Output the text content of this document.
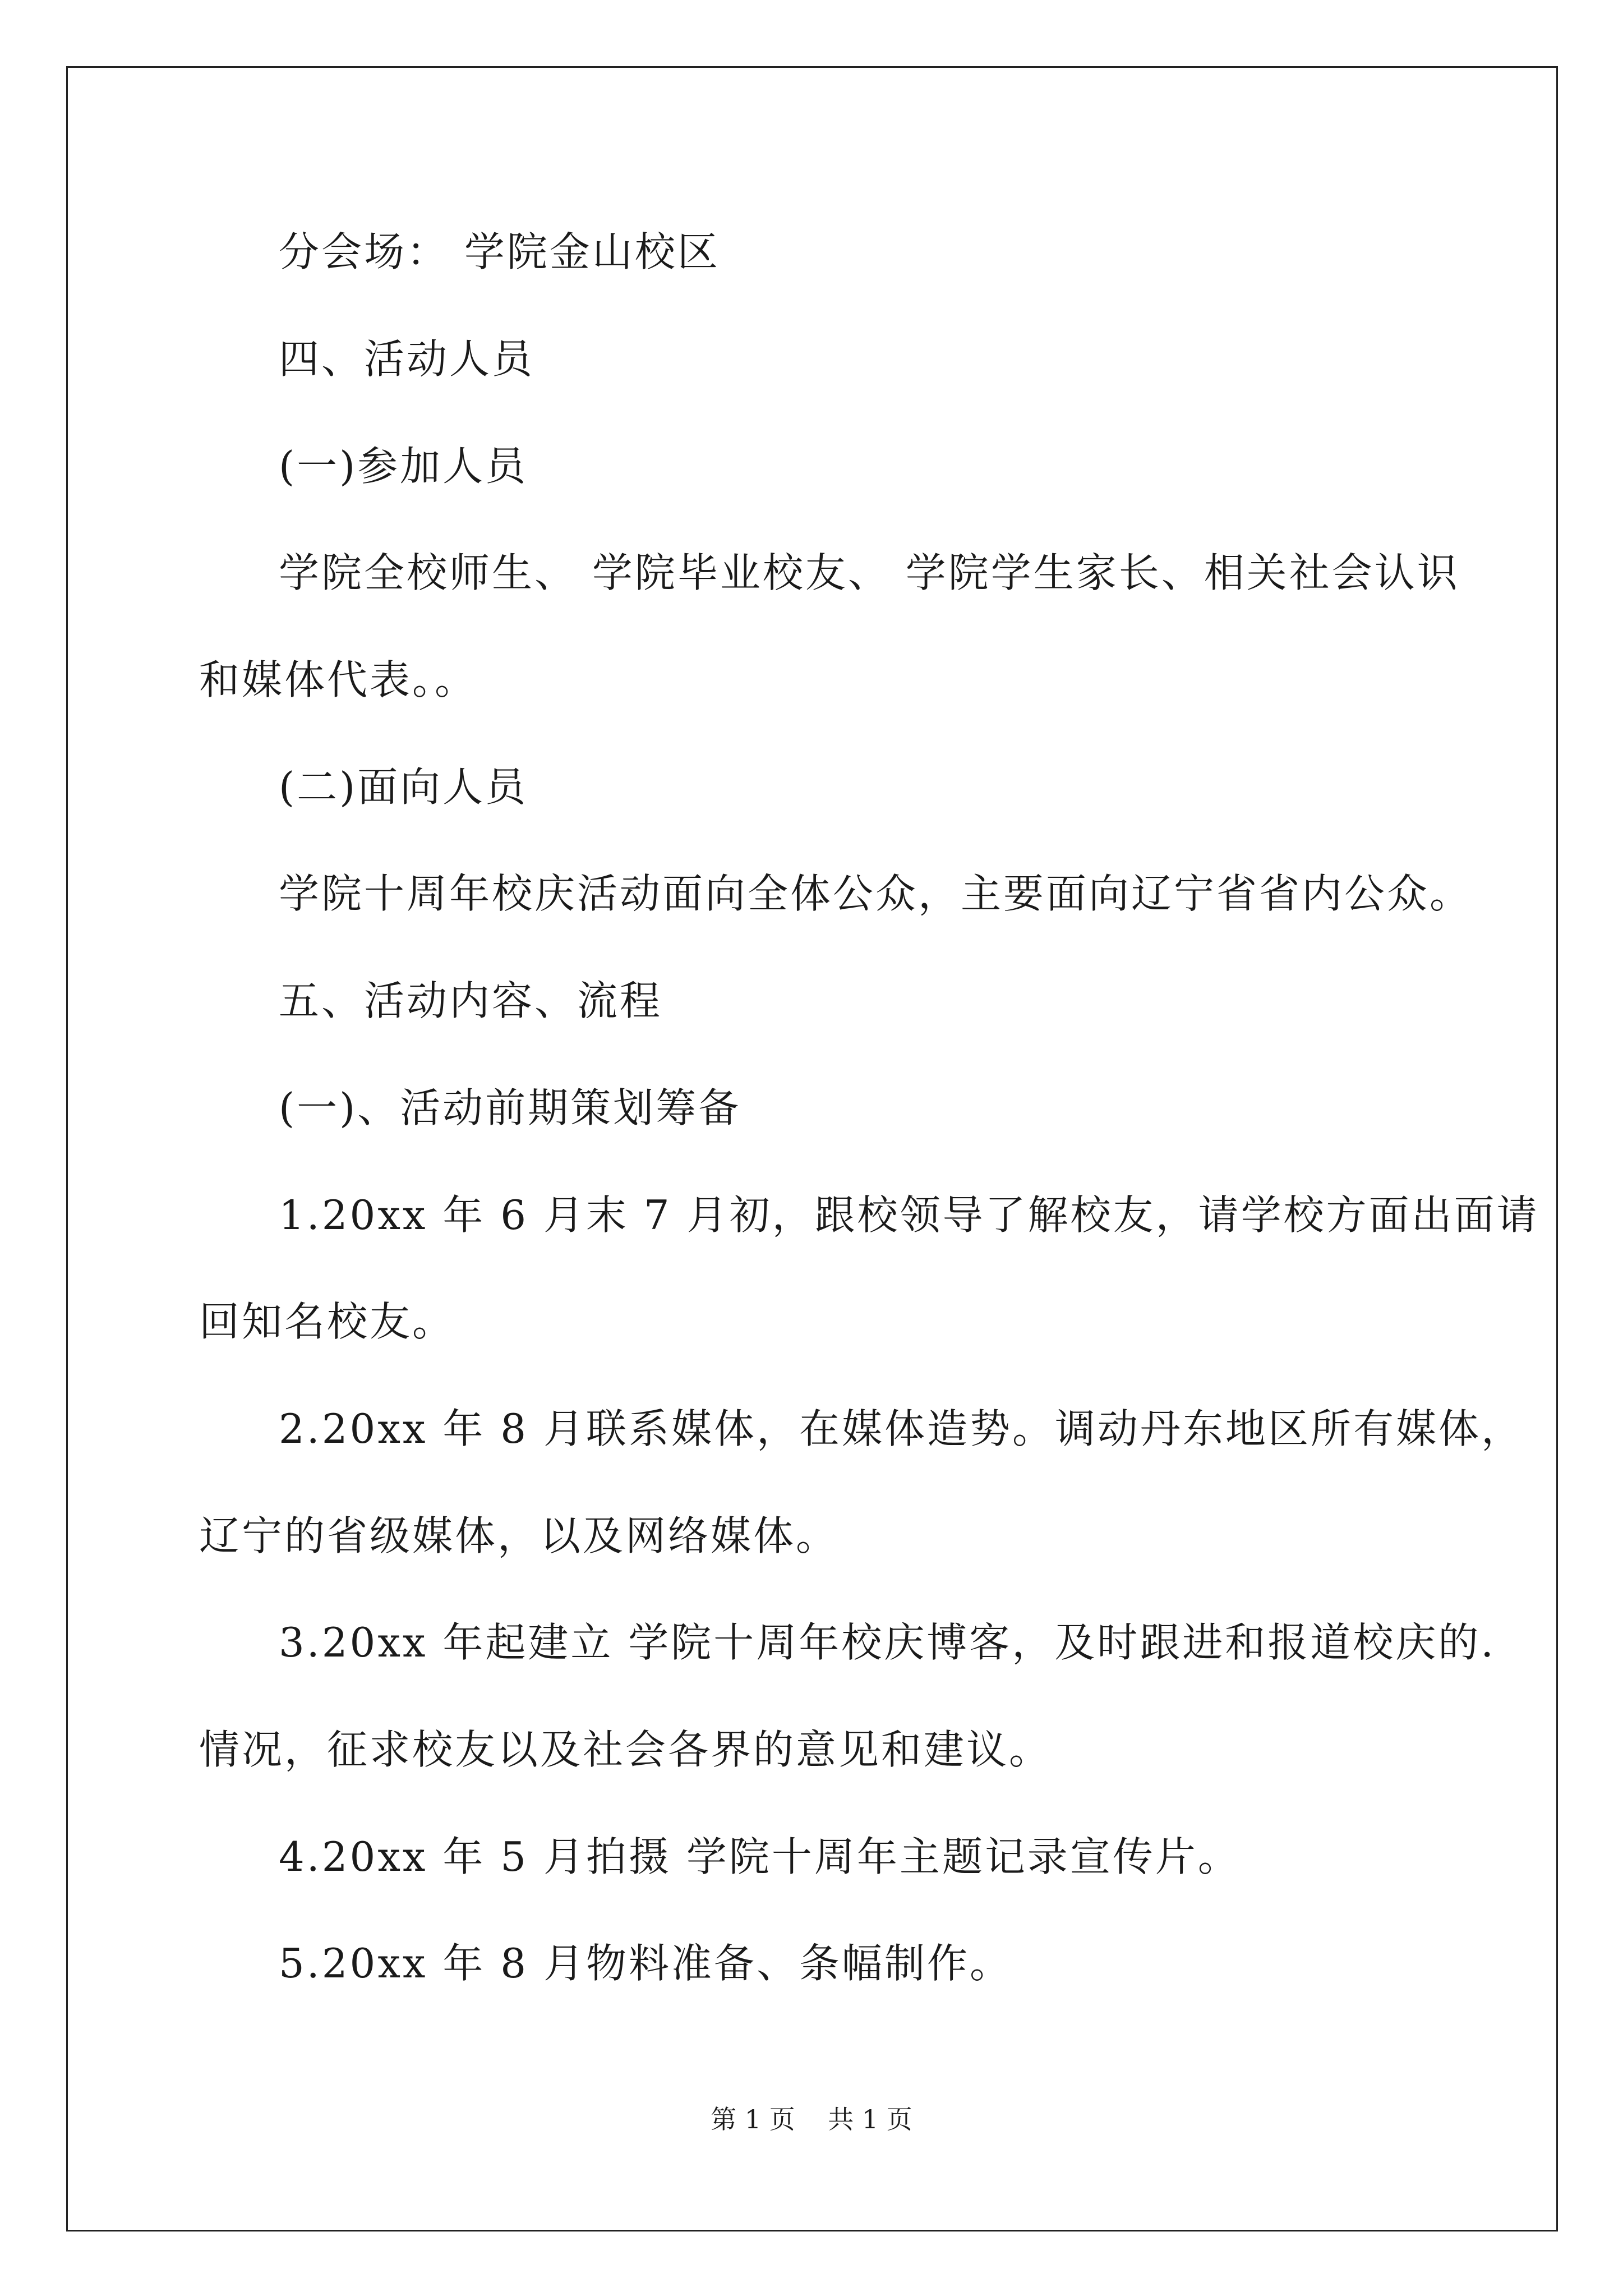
分会场： 学院金山校区
四、活动人员
(一)参加人员
学院全校师生、 学院毕业校友、 学院学生家长、相关社会认识
和媒体代表。。
(二)面向人员
学院十周年校庆活动面向全体公众，主要面向辽宁省省内公众。
五、活动内容、流程
(一)、活动前期策划筹备
1.20xx 年 6 月末 7 月初，跟校领导了解校友，请学校方面出面请
回知名校友。
2.20xx 年 8 月联系媒体，在媒体造势。调动丹东地区所有媒体，
辽宁的省级媒体，以及网络媒体。
3.20xx 年起建立 学院十周年校庆博客，及时跟进和报道校庆的.
情况，征求校友以及社会各界的意见和建议。
4.20xx 年 5 月拍摄 学院十周年主题记录宣传片。
5.20xx 年 8 月物料准备、条幅制作。
第 1 页 共 1 页
